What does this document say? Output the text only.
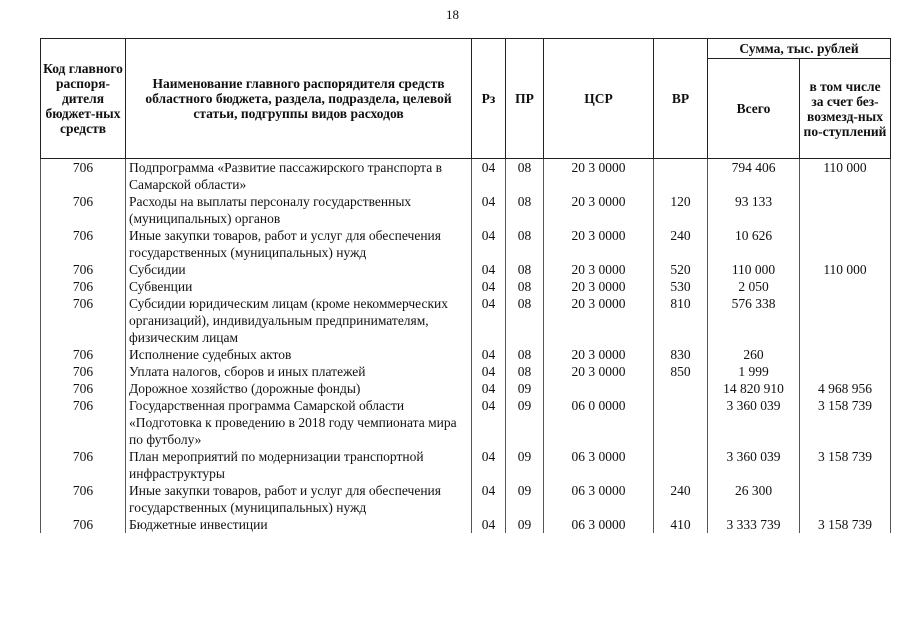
18
Код главного распоря-дителя бюджет-ных средств	Наименование главного распорядителя средств областного бюджета, раздела, подраздела, целевой статьи, подгруппы видов расходов	Рз	ПР	ЦСР	ВР	Сумма, тыс. рублей	
						Всего	в том числе за счет без-возмезд-ных по-ступлений
706	Подпрограмма «Развитие пассажирского транспорта в Самарской области»	04	08	20 3 0000		794 406	110 000
706	Расходы на выплаты персоналу государственных (муниципальных) органов	04	08	20 3 0000	120	93 133	
706	Иные закупки товаров, работ и услуг для обеспечения государственных (муниципальных) нужд	04	08	20 3 0000	240	10 626	
706	Субсидии	04	08	20 3 0000	520	110 000	110 000
706	Субвенции	04	08	20 3 0000	530	2 050	
706	Субсидии юридическим лицам (кроме некоммерческих организаций), индивидуальным предпринимателям, физическим лицам	04	08	20 3 0000	810	576 338	
706	Исполнение судебных актов	04	08	20 3 0000	830	260	
706	Уплата налогов, сборов и иных платежей	04	08	20 3 0000	850	1 999	
706	Дорожное хозяйство (дорожные фонды)	04	09			14 820 910	4 968 956
706	Государственная программа Самарской области «Подготовка к проведению в 2018 году чемпионата мира по футболу»	04	09	06 0 0000		3 360 039	3 158 739
706	План мероприятий по модернизации транспортной инфраструктуры	04	09	06 3 0000		3 360 039	3 158 739
706	Иные закупки товаров, работ и услуг для обеспечения государственных (муниципальных) нужд	04	09	06 3 0000	240	26 300	
706	Бюджетные инвестиции	04	09	06 3 0000	410	3 333 739	3 158 739
